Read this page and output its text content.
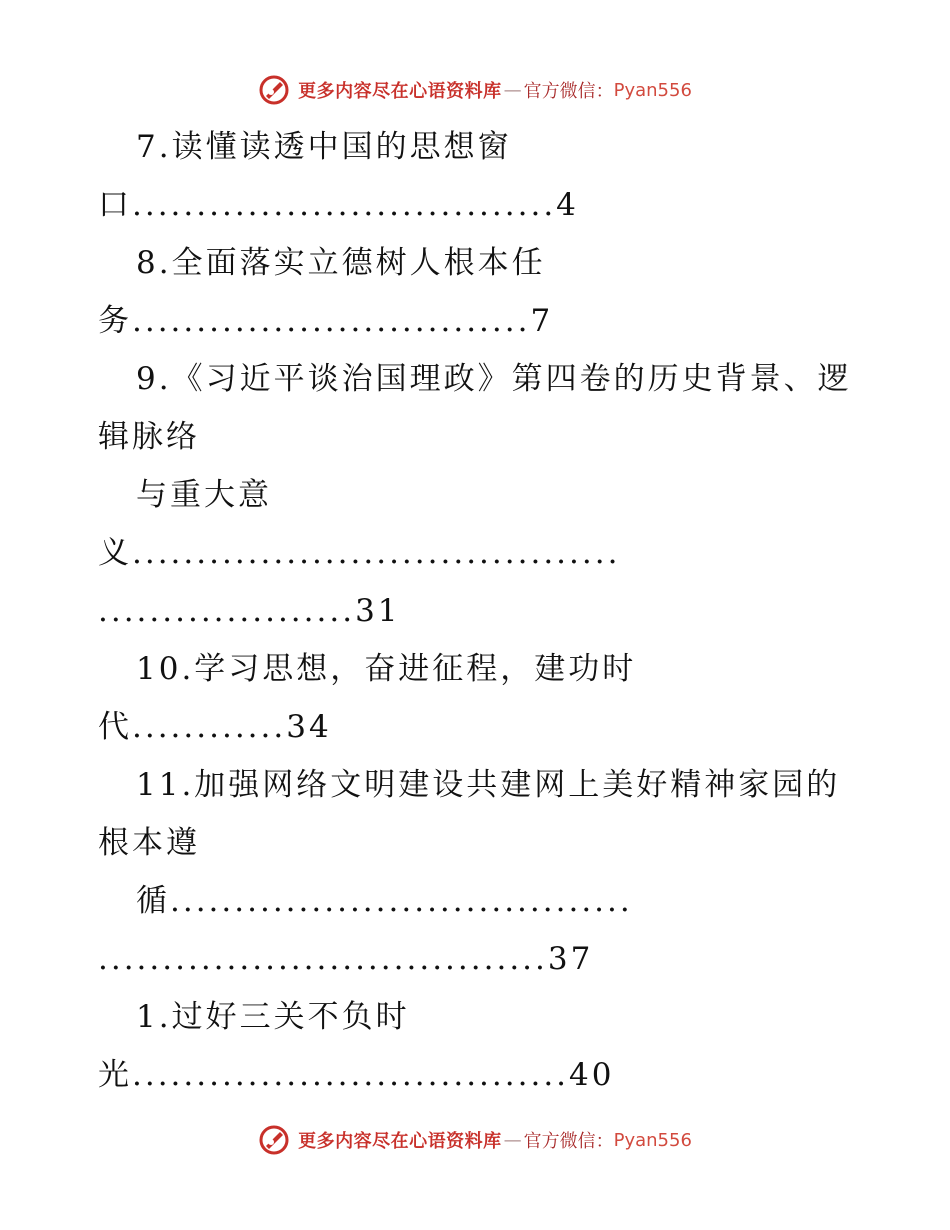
更多内容尽在心语资料库 — 官方微信： Pyan556
7.读懂读透中国的思想窗
口.................................4
8.全面落实立德树人根本任
务...............................7
9.《习近平谈治国理政》第四卷的历史背景、逻
辑脉络
与重大意
义......................................
....................31
10.学习思想，奋进征程，建功时
代............34
11.加强网络文明建设共建网上美好精神家园的
根本遵
循....................................
...................................37
1.过好三关不负时
光..................................40
更多内容尽在心语资料库 — 官方微信： Pyan556
